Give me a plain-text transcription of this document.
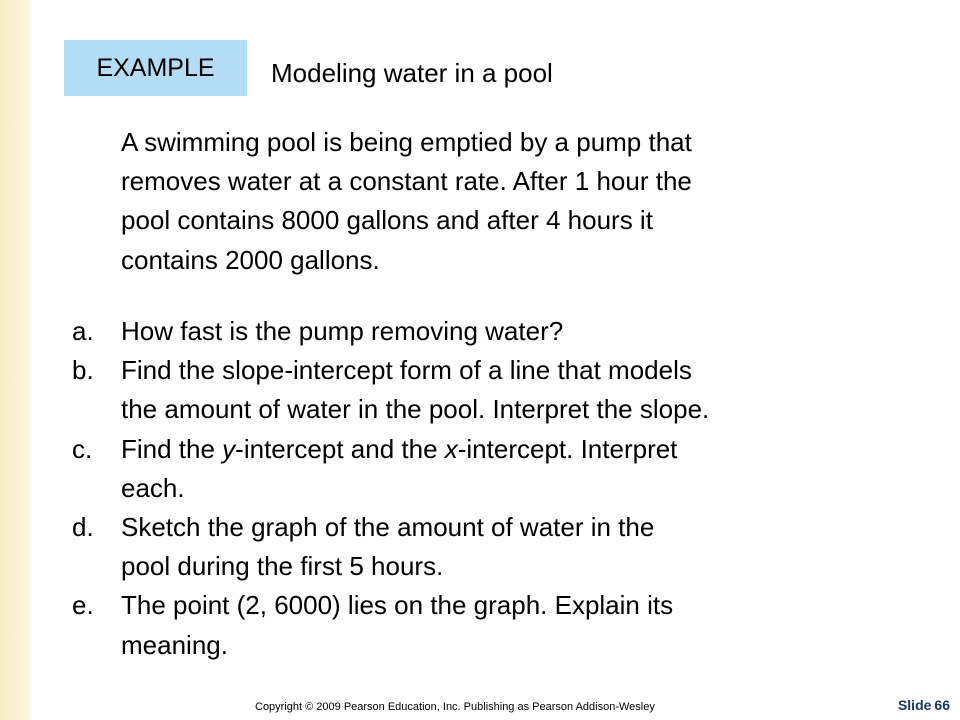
EXAMPLE	Modeling water in a pool
A swimming pool is being emptied by a pump that
removes water at a constant rate. After 1 hour the
pool contains 8000 gallons and after 4 hours it
contains 2000 gallons.
a. How fast is the pump removing water?
b. Find the slope-intercept form of a line that models
the amount of water in the pool. Interpret the slope.
c. Find the y-intercept and the x-intercept. Interpret
each.
d. Sketch the graph of the amount of water in the
pool during the first 5 hours.
e. The point (2, 6000) lies on the graph. Explain its
meaning.
Copyright © 2009 Pearson Education, Inc. Publishing as Pearson Addison-Wesley	Slide 66
